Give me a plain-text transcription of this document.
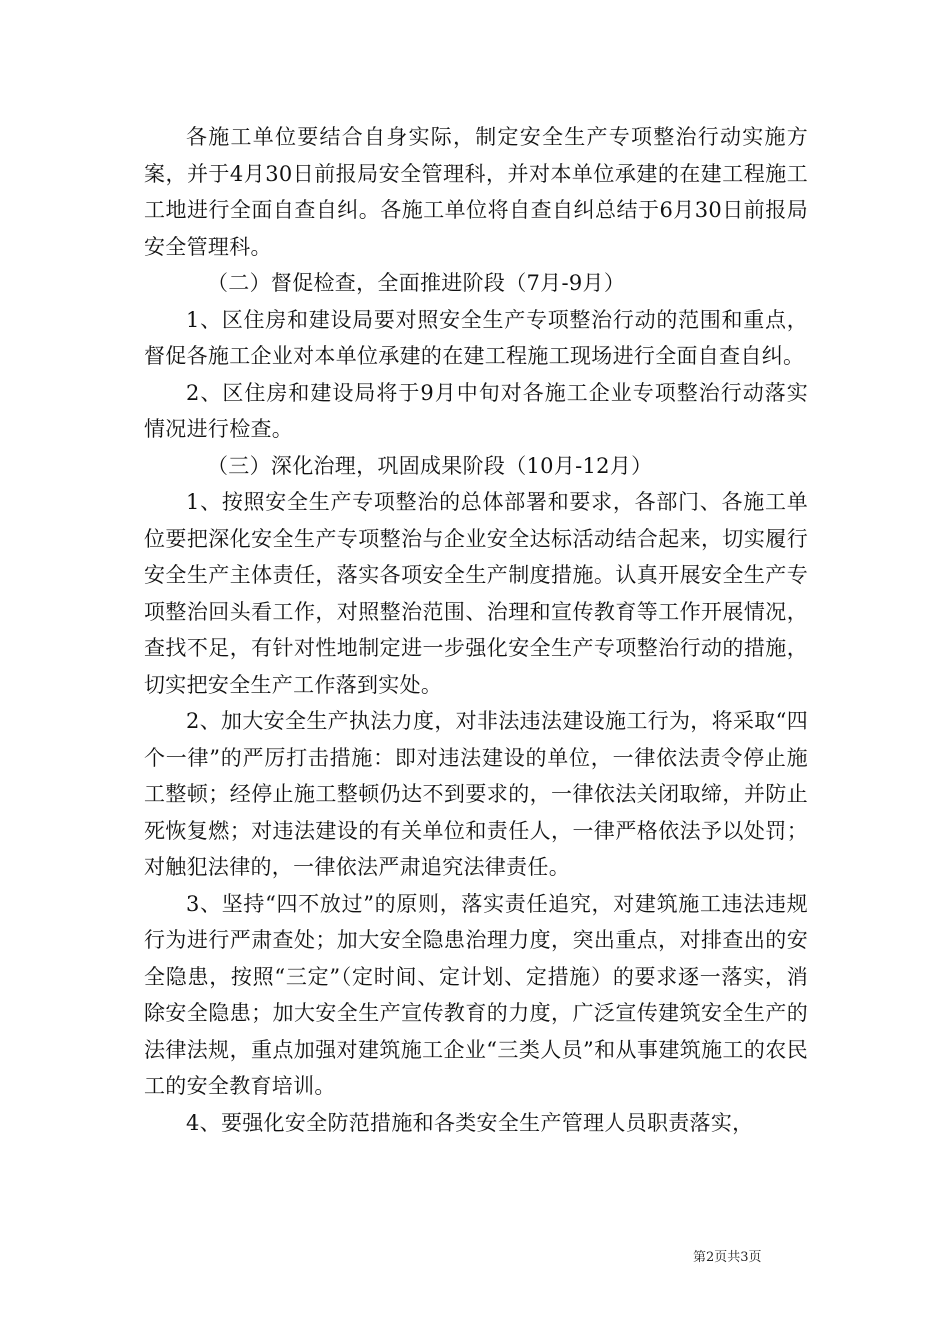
各施工单位要结合自身实际，制定安全生产专项整治行动实施方案，并于4月30日前报局安全管理科，并对本单位承建的在建工程施工工地进行全面自查自纠。各施工单位将自查自纠总结于6月30日前报局安全管理科。

（二）督促检查，全面推进阶段（7月-9月）

1、区住房和建设局要对照安全生产专项整治行动的范围和重点，督促各施工企业对本单位承建的在建工程施工现场进行全面自查自纠。

2、区住房和建设局将于9月中旬对各施工企业专项整治行动落实情况进行检查。

（三）深化治理，巩固成果阶段（10月-12月）

1、按照安全生产专项整治的总体部署和要求，各部门、各施工单位要把深化安全生产专项整治与企业安全达标活动结合起来，切实履行安全生产主体责任，落实各项安全生产制度措施。认真开展安全生产专项整治回头看工作，对照整治范围、治理和宣传教育等工作开展情况，查找不足，有针对性地制定进一步强化安全生产专项整治行动的措施，切实把安全生产工作落到实处。

2、加大安全生产执法力度，对非法违法建设施工行为，将采取“四个一律”的严厉打击措施：即对违法建设的单位，一律依法责令停止施工整顿；经停止施工整顿仍达不到要求的，一律依法关闭取缔，并防止死恢复燃；对违法建设的有关单位和责任人，一律严格依法予以处罚；对触犯法律的，一律依法严肃追究法律责任。

3、坚持“四不放过”的原则，落实责任追究，对建筑施工违法违规行为进行严肃查处；加大安全隐患治理力度，突出重点，对排查出的安全隐患，按照“三定”（定时间、定计划、定措施）的要求逐一落实，消除安全隐患；加大安全生产宣传教育的力度，广泛宣传建筑安全生产的法律法规，重点加强对建筑施工企业“三类人员”和从事建筑施工的农民工的安全教育培训。

4、要强化安全防范措施和各类安全生产管理人员职责落实，

第2页共3页
